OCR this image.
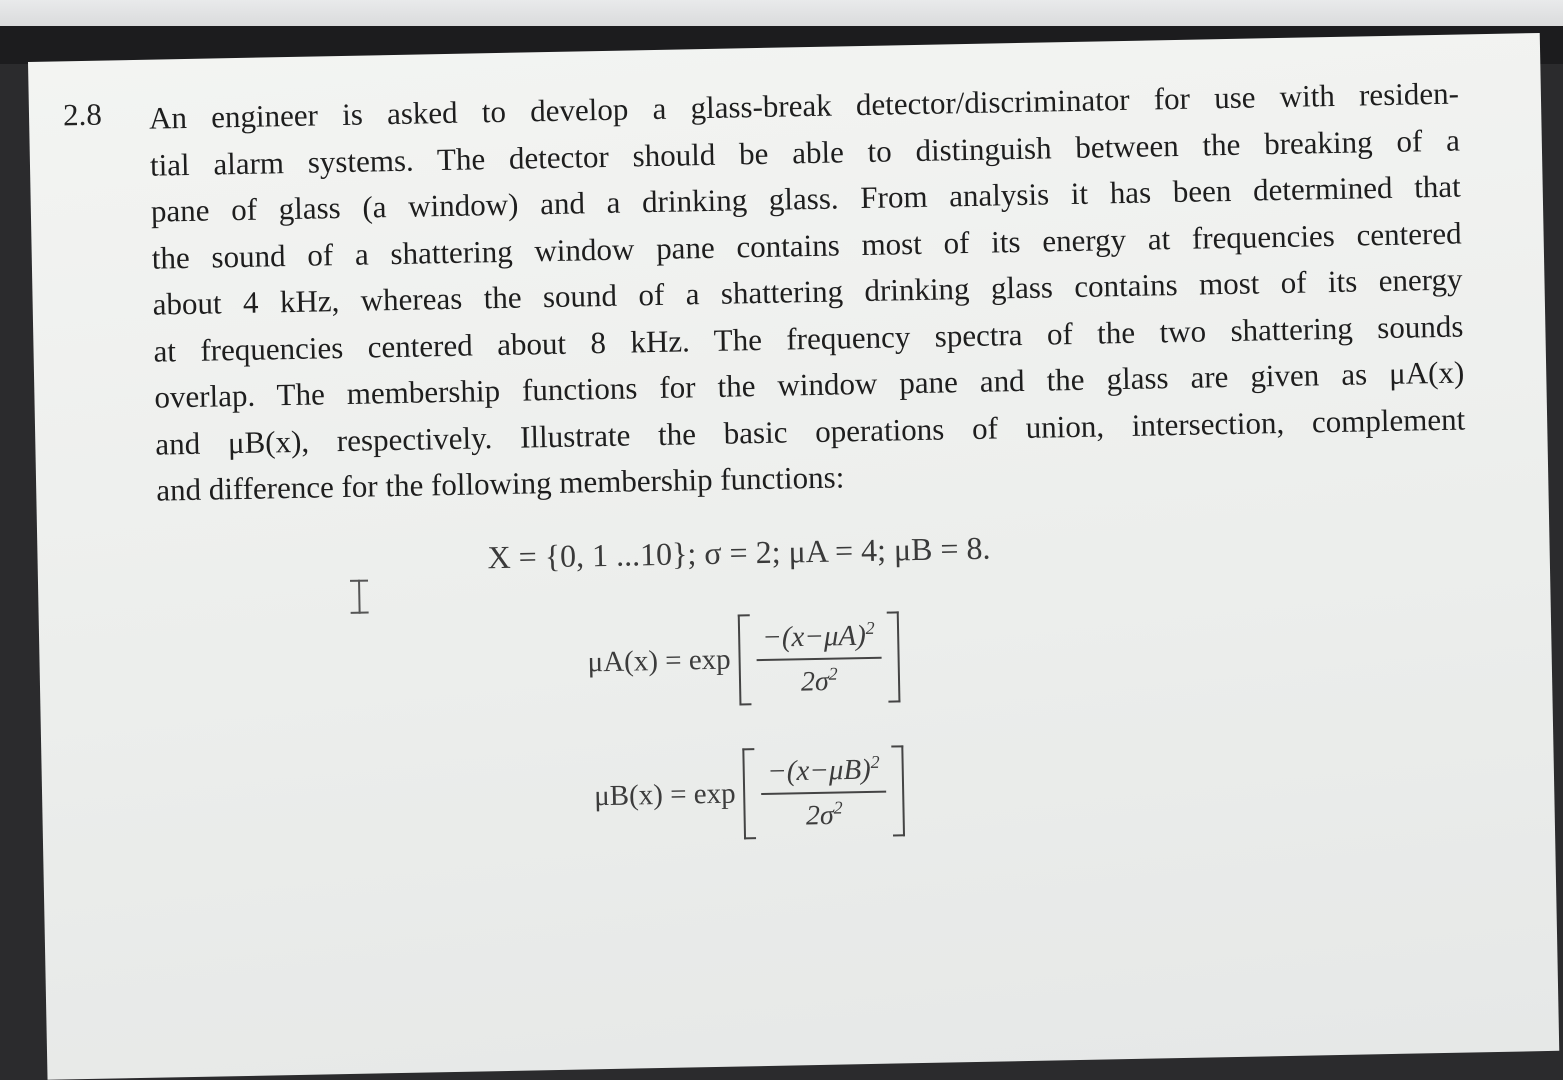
2.8 An engineer is asked to develop a glass-break detector/discriminator for use with residen-
tial alarm systems. The detector should be able to distinguish between the breaking of a
pane of glass (a window) and a drinking glass. From analysis it has been determined that
the sound of a shattering window pane contains most of its energy at frequencies centered
about 4 kHz, whereas the sound of a shattering drinking glass contains most of its energy
at frequencies centered about 8 kHz. The frequency spectra of the two shattering sounds
overlap. The membership functions for the window pane and the glass are given as μA(x)
and μB(x), respectively. Illustrate the basic operations of union, intersection, complement
and difference for the following membership functions:
X = {0, 1 ...10}; σ = 2; μA = 4; μB = 8.
μA(x) = exp
$-(x-\mu A)^2$
$2\sigma^2$
μB(x) = exp
$-(x-\mu B)^2$
$2\sigma^2$
